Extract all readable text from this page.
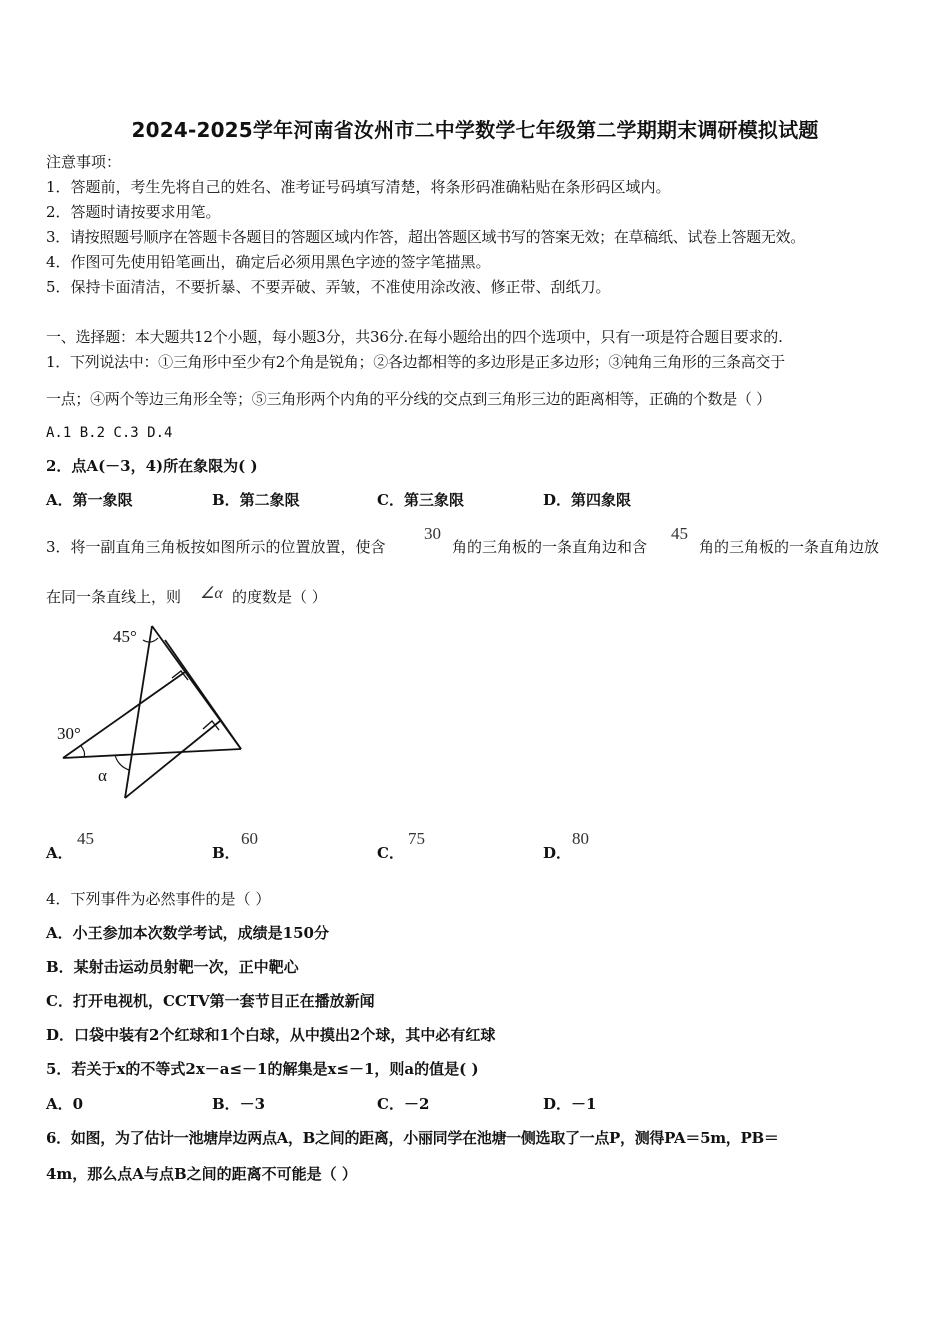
2024-2025学年河南省汝州市二中学数学七年级第二学期期末调研模拟试题
注意事项：
1．答题前，考生先将自己的姓名、准考证号码填写清楚，将条形码准确粘贴在条形码区域内。
2．答题时请按要求用笔。
3．请按照题号顺序在答题卡各题目的答题区域内作答，超出答题区域书写的答案无效；在草稿纸、试卷上答题无效。
4．作图可先使用铅笔画出，确定后必须用黑色字迹的签字笔描黑。
5．保持卡面清洁，不要折暴、不要弄破、弄皱，不准使用涂改液、修正带、刮纸刀。
一、选择题：本大题共12个小题，每小题3分，共36分.在每小题给出的四个选项中，只有一项是符合题目要求的.
1．下列说法中：①三角形中至少有2个角是锐角；②各边都相等的多边形是正多边形；③钝角三角形的三条高交于
一点；④两个等边三角形全等；⑤三角形两个内角的平分线的交点到三角形三边的距离相等，正确的个数是（ ）
A.1 B.2 C.3 D.4
2．点A(－3，4)所在象限为( )
A．第一象限	B．第二象限	C．第三象限	D．第四象限
3．将一副直角三角板按如图所示的位置放置，使含
30
角的三角板的一条直角边和含
45
角的三角板的一条直角边放
在同一条直线上，则 ∠α 的度数是（ ）
45°
30°
α
A．
45
B．
60
C．
75
D．
80
4．下列事件为必然事件的是（ ）
A．小王参加本次数学考试，成绩是150分
B．某射击运动员射靶一次，正中靶心
C．打开电视机，CCTV第一套节目正在播放新闻
D．口袋中装有2个红球和1个白球，从中摸出2个球，其中必有红球
5．若关于x的不等式2x－a≤－1的解集是x≤－1，则a的值是( )
A．0	B．－3	C．－2	D．－1
6．如图，为了估计一池塘岸边两点A，B之间的距离，小丽同学在池塘一侧选取了一点P，测得PA＝5m，PB＝
4m，那么点A与点B之间的距离不可能是（ ）
